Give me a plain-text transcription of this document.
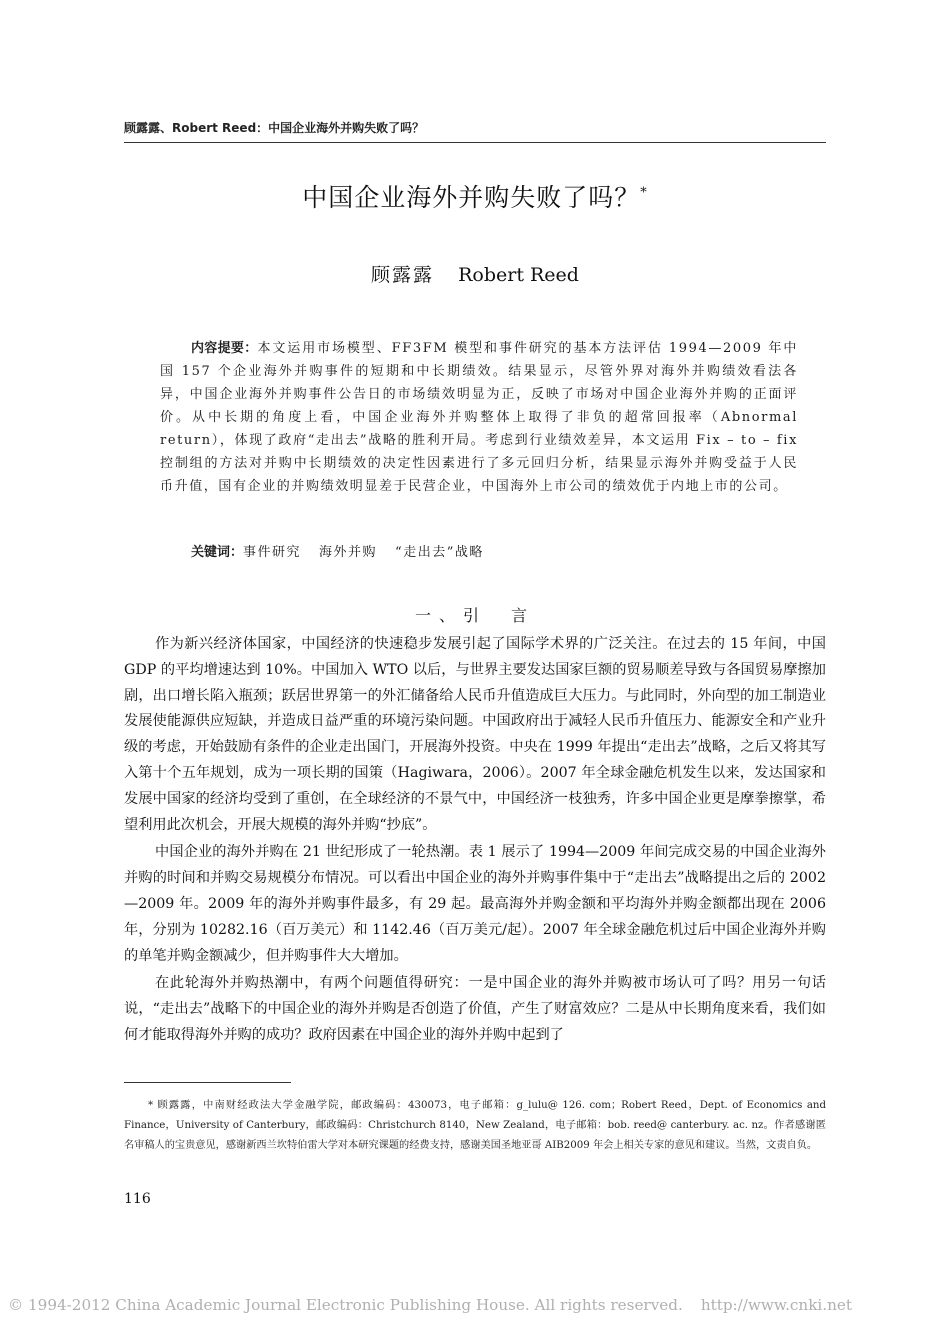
顾露露、Robert Reed：中国企业海外并购失败了吗？
中国企业海外并购失败了吗？*
顾露露 Robert Reed

内容提要：本文运用市场模型、FF3FM 模型和事件研究的基本方法评估 1994—2009 年中国 157 个企业海外并购事件的短期和中长期绩效。结果显示，尽管外界对海外并购绩效看法各异，中国企业海外并购事件公告日的市场绩效明显为正，反映了市场对中国企业海外并购的正面评价。从中长期的角度上看，中国企业海外并购整体上取得了非负的超常回报率（Abnormal return），体现了政府“走出去”战略的胜利开局。考虑到行业绩效差异，本文运用 Fix – to – fix 控制组的方法对并购中长期绩效的决定性因素进行了多元回归分析，结果显示海外并购受益于人民币升值，国有企业的并购绩效明显差于民营企业，中国海外上市公司的绩效优于内地上市的公司。

关键词：事件研究 海外并购 “走出去”战略
一、引　言

作为新兴经济体国家，中国经济的快速稳步发展引起了国际学术界的广泛关注。在过去的 15 年间，中国 GDP 的平均增速达到 10%。中国加入 WTO 以后，与世界主要发达国家巨额的贸易顺差导致与各国贸易摩擦加剧，出口增长陷入瓶颈；跃居世界第一的外汇储备给人民币升值造成巨大压力。与此同时，外向型的加工制造业发展使能源供应短缺，并造成日益严重的环境污染问题。中国政府出于减轻人民币升值压力、能源安全和产业升级的考虑，开始鼓励有条件的企业走出国门，开展海外投资。中央在 1999 年提出“走出去”战略，之后又将其写入第十个五年规划，成为一项长期的国策（Hagiwara，2006）。2007 年全球金融危机发生以来，发达国家和发展中国家的经济均受到了重创，在全球经济的不景气中，中国经济一枝独秀，许多中国企业更是摩拳擦掌，希望利用此次机会，开展大规模的海外并购“抄底”。

中国企业的海外并购在 21 世纪形成了一轮热潮。表 1 展示了 1994—2009 年间完成交易的中国企业海外并购的时间和并购交易规模分布情况。可以看出中国企业的海外并购事件集中于“走出去”战略提出之后的 2002—2009 年。2009 年的海外并购事件最多，有 29 起。最高海外并购金额和平均海外并购金额都出现在 2006 年，分别为 10282.16（百万美元）和 1142.46（百万美元/起）。2007 年全球金融危机过后中国企业海外并购的单笔并购金额减少，但并购事件大大增加。

在此轮海外并购热潮中，有两个问题值得研究：一是中国企业的海外并购被市场认可了吗？用另一句话说，“走出去”战略下的中国企业的海外并购是否创造了价值，产生了财富效应？二是从中长期角度来看，我们如何才能取得海外并购的成功？政府因素在中国企业的海外并购中起到了

* 顾露露，中南财经政法大学金融学院，邮政编码：430073，电子邮箱：g_lulu@ 126. com；Robert Reed，Dept. of Economics and Finance，University of Canterbury，邮政编码：Christchurch 8140，New Zealand，电子邮箱：bob. reed@ canterbury. ac. nz。作者感谢匿名审稿人的宝贵意见，感谢新西兰坎特伯雷大学对本研究课题的经费支持，感谢美国圣地亚哥 AIB2009 年会上相关专家的意见和建议。当然，文责自负。

116
© 1994-2012 China Academic Journal Electronic Publishing House. All rights reserved. http://www.cnki.net
